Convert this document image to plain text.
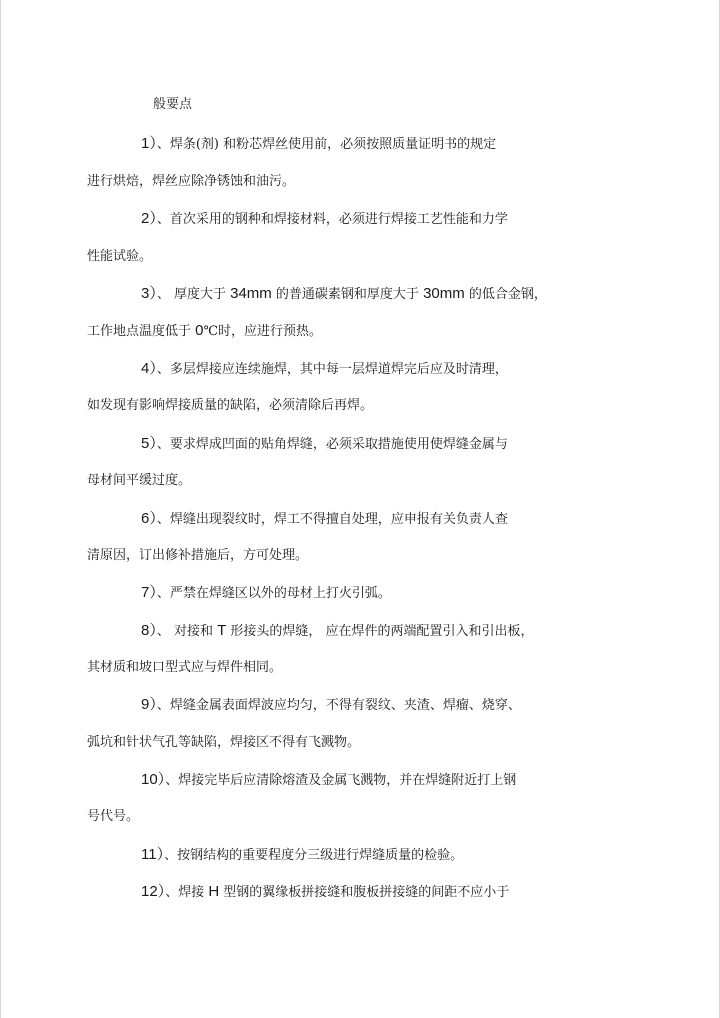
般要点
1）、焊条(剂) 和粉芯焊丝使用前，必须按照质量证明书的规定
进行烘焙，焊丝应除净锈蚀和油污。
2）、首次采用的钢种和焊接材料，必须进行焊接工艺性能和力学
性能试验。
3）、 厚度大于 34mm 的普通碳素钢和厚度大于 30mm 的低合金钢，
工作地点温度低于 0℃时，应进行预热。
4）、多层焊接应连续施焊，其中每一层焊道焊完后应及时清理，
如发现有影响焊接质量的缺陷，必须清除后再焊。
5）、要求焊成凹面的贴角焊缝，必须采取措施使用使焊缝金属与
母材间平缓过度。
6）、焊缝出现裂纹时，焊工不得擅自处理，应申报有关负责人查
清原因，订出修补措施后，方可处理。
7）、严禁在焊缝区以外的母材上打火引弧。
8）、 对接和 T 形接头的焊缝， 应在焊件的两端配置引入和引出板，
其材质和坡口型式应与焊件相同。
9）、焊缝金属表面焊波应均匀，不得有裂纹、夹渣、焊瘤、烧穿、
弧坑和针状气孔等缺陷，焊接区不得有飞溅物。
10）、焊接完毕后应清除熔渣及金属飞溅物，并在焊缝附近打上钢
号代号。
11）、按钢结构的重要程度分三级进行焊缝质量的检验。
12）、焊接 H 型钢的翼缘板拼接缝和腹板拼接缝的间距不应小于
